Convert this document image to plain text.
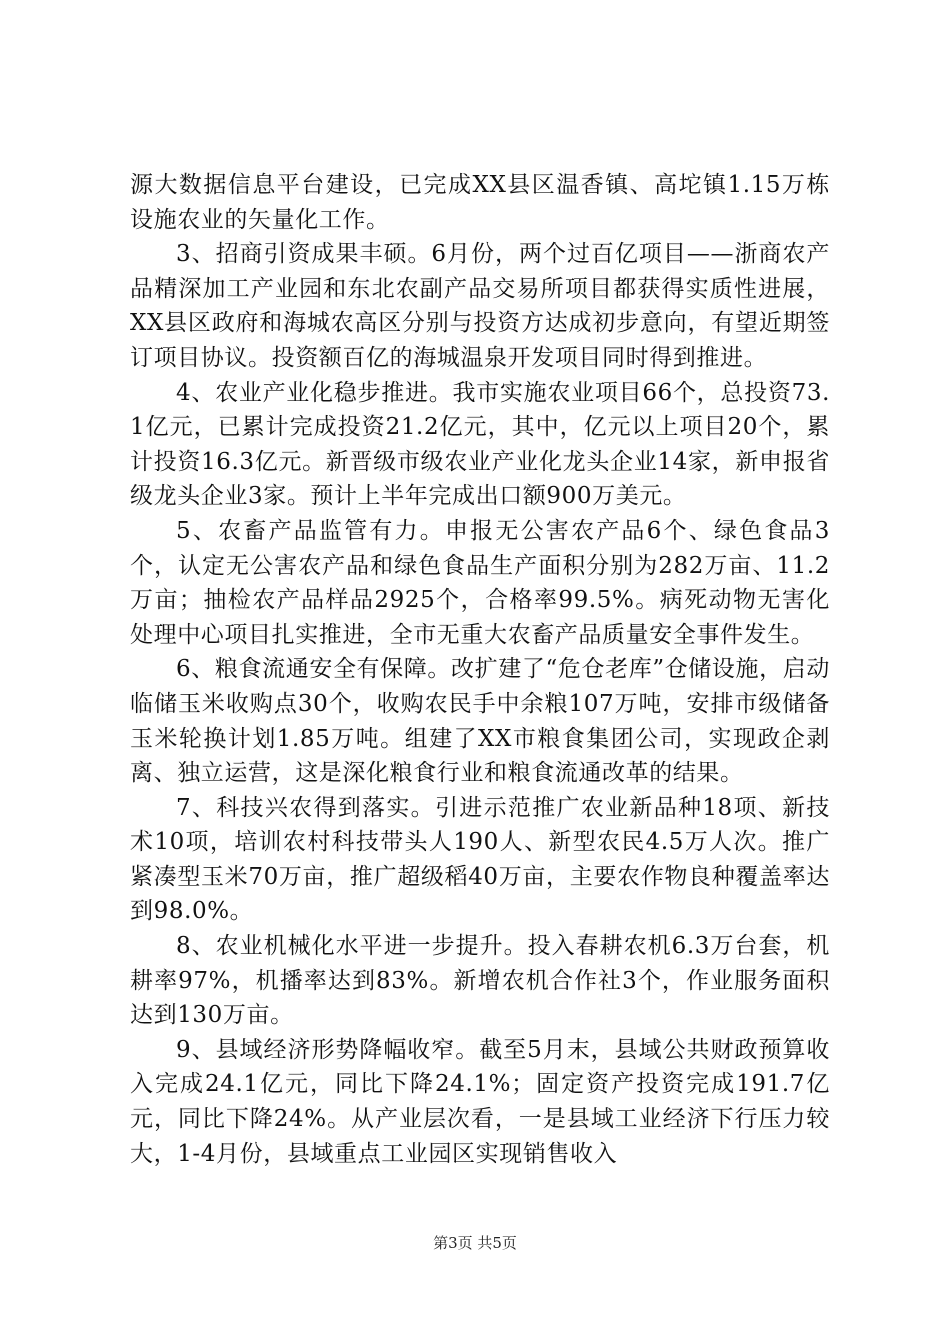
源大数据信息平台建设，已完成XX县区温香镇、高坨镇1.15万栋设施农业的矢量化工作。

3、招商引资成果丰硕。6月份，两个过百亿项目——浙商农产品精深加工产业园和东北农副产品交易所项目都获得实质性进展，XX县区政府和海城农高区分别与投资方达成初步意向，有望近期签订项目协议。投资额百亿的海城温泉开发项目同时得到推进。

4、农业产业化稳步推进。我市实施农业项目66个，总投资73.1亿元，已累计完成投资21.2亿元，其中，亿元以上项目20个，累计投资16.3亿元。新晋级市级农业产业化龙头企业14家，新申报省级龙头企业3家。预计上半年完成出口额900万美元。

5、农畜产品监管有力。申报无公害农产品6个、绿色食品3个，认定无公害农产品和绿色食品生产面积分别为282万亩、11.2万亩；抽检农产品样品2925个，合格率99.5%。病死动物无害化处理中心项目扎实推进，全市无重大农畜产品质量安全事件发生。

6、粮食流通安全有保障。改扩建了“危仓老库”仓储设施，启动临储玉米收购点30个，收购农民手中余粮107万吨，安排市级储备玉米轮换计划1.85万吨。组建了XX市粮食集团公司，实现政企剥离、独立运营，这是深化粮食行业和粮食流通改革的结果。

7、科技兴农得到落实。引进示范推广农业新品种18项、新技术10项，培训农村科技带头人190人、新型农民4.5万人次。推广紧凑型玉米70万亩，推广超级稻40万亩，主要农作物良种覆盖率达到98.0%。

8、农业机械化水平进一步提升。投入春耕农机6.3万台套，机耕率97%，机播率达到83%。新增农机合作社3个，作业服务面积达到130万亩。

9、县域经济形势降幅收窄。截至5月末，县域公共财政预算收入完成24.1亿元，同比下降24.1%；固定资产投资完成191.7亿元，同比下降24%。从产业层次看，一是县域工业经济下行压力较大，1-4月份，县域重点工业园区实现销售收入

第3页 共5页
